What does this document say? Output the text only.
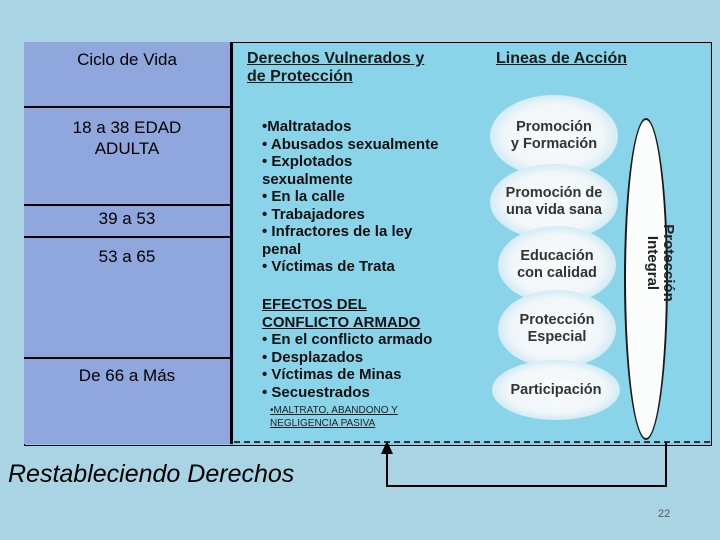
Ciclo de Vida
18 a 38 EDAD
ADULTA
39 a 53
53 a 65
De 66 a Más
Derechos Vulnerados y
de Protección
Lineas de Acción
•Maltratados
• Abusados sexualmente
• Explotados
sexualmente
• En la calle
• Trabajadores
• Infractores de la ley
penal
• Víctimas de Trata
EFECTOS DEL
CONFLICTO ARMADO
• En el conflicto armado
• Desplazados
• Víctimas de Minas
• Secuestrados
•MALTRATO, ABANDONO Y NEGLIGENCIA PASIVA
Promoción
y Formación
Promoción de
una vida sana
Educación
con calidad
Protección
Especial
Participación
Protección
Integral
Restableciendo Derechos
22
